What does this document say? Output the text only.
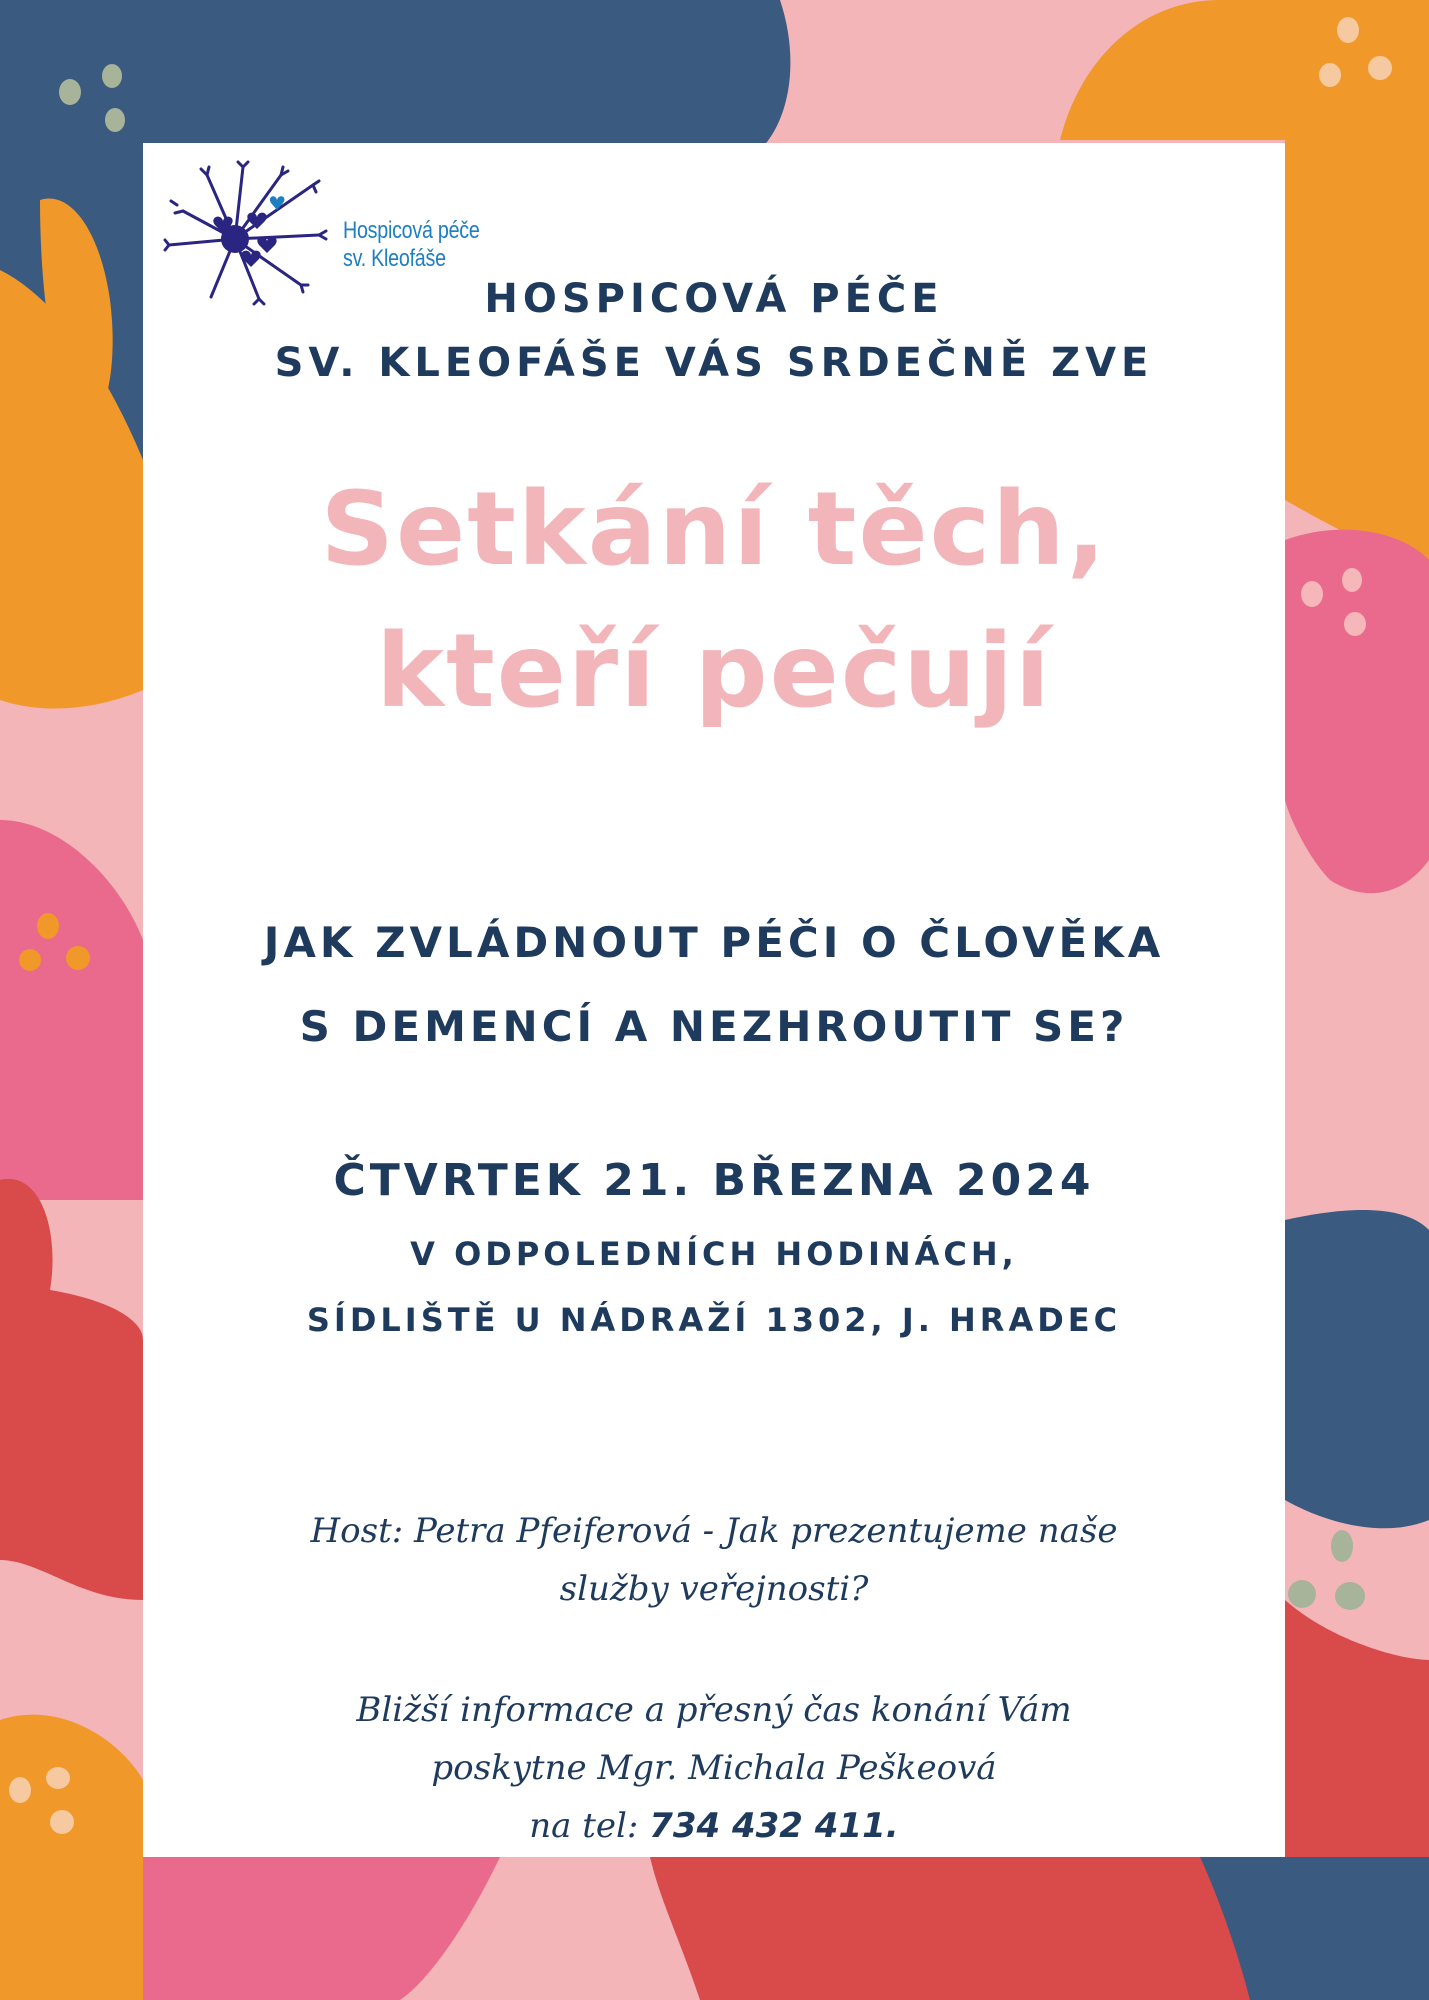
Hospicová péče
sv. Kleofáše
HOSPICOVÁ PÉČE
SV. KLEOFÁŠE VÁS SRDEČNĚ ZVE
Setkání těch,
kteří pečují
JAK ZVLÁDNOUT PÉČI O ČLOVĚKA
S DEMENCÍ A NEZHROUTIT SE?
ČTVRTEK 21. BŘEZNA 2024
V ODPOLEDNÍCH HODINÁCH,
SÍDLIŠTĚ U NÁDRAŽÍ 1302, J. HRADEC
Host: Petra Pfeiferová - Jak prezentujeme naše
služby veřejnosti?
Bližší informace a přesný čas konání Vám
poskytne Mgr. Michala Peškeová
na tel: 734 432 411.
